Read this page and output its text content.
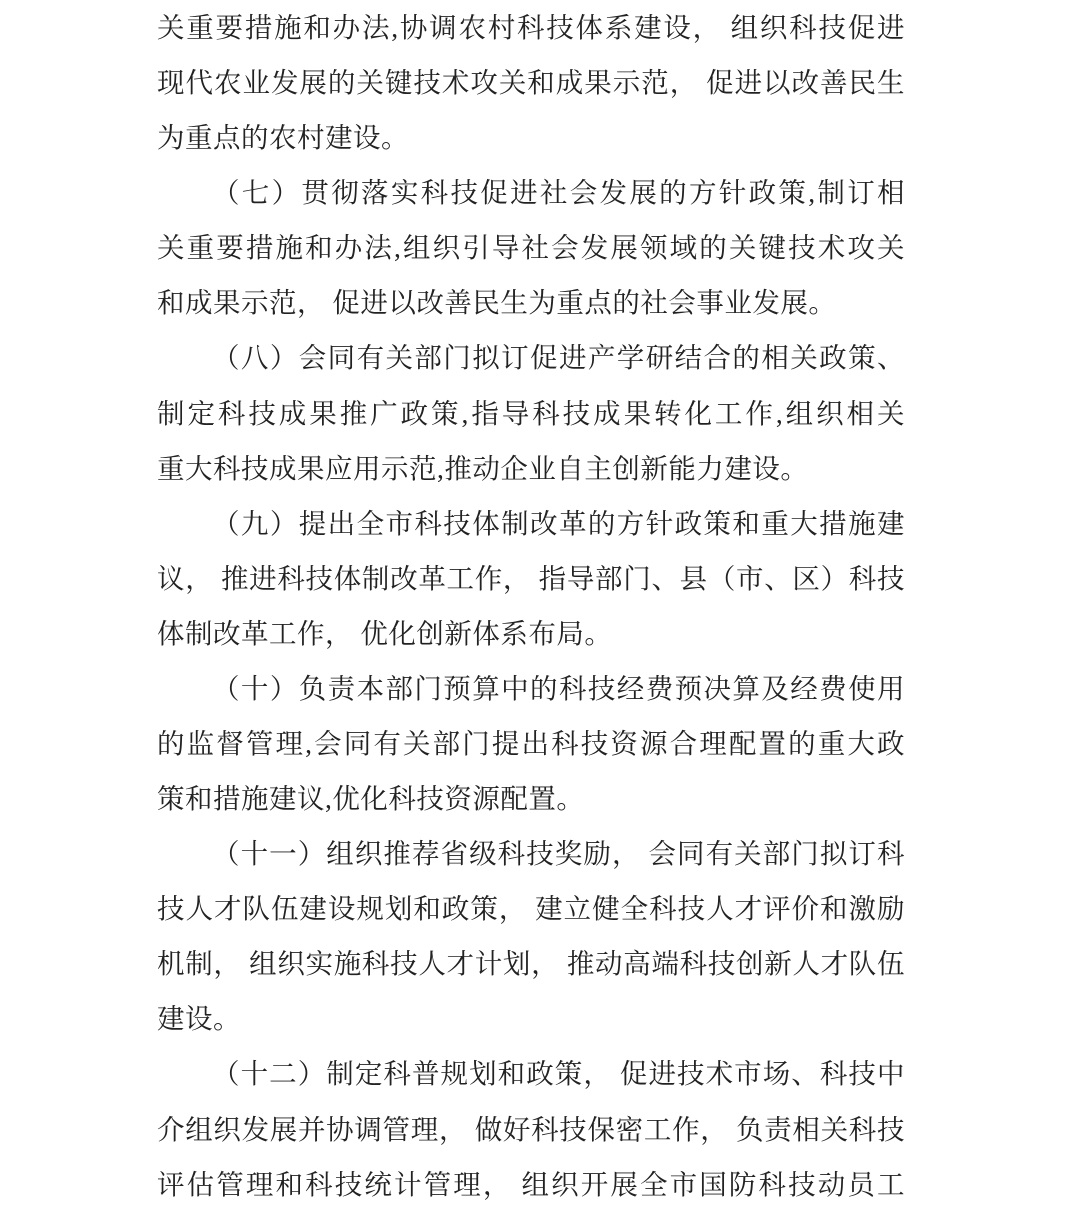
关重要措施和办法,协调农村科技体系建设， 组织科技促进
现代农业发展的关键技术攻关和成果示范， 促进以改善民生
为重点的农村建设。
（七）贯彻落实科技促进社会发展的方针政策,制订相
关重要措施和办法,组织引导社会发展领域的关键技术攻关
和成果示范， 促进以改善民生为重点的社会事业发展。
（八）会同有关部门拟订促进产学研结合的相关政策、
制定科技成果推广政策,指导科技成果转化工作,组织相关
重大科技成果应用示范,推动企业自主创新能力建设。
（九）提出全市科技体制改革的方针政策和重大措施建
议， 推进科技体制改革工作， 指导部门、县（市、区）科技
体制改革工作， 优化创新体系布局。
（十）负责本部门预算中的科技经费预决算及经费使用
的监督管理,会同有关部门提出科技资源合理配置的重大政
策和措施建议,优化科技资源配置。
（十一）组织推荐省级科技奖励， 会同有关部门拟订科
技人才队伍建设规划和政策， 建立健全科技人才评价和激励
机制， 组织实施科技人才计划， 推动高端科技创新人才队伍
建设。
（十二）制定科普规划和政策， 促进技术市场、科技中
介组织发展并协调管理， 做好科技保密工作， 负责相关科技
评估管理和科技统计管理， 组织开展全市国防科技动员工
